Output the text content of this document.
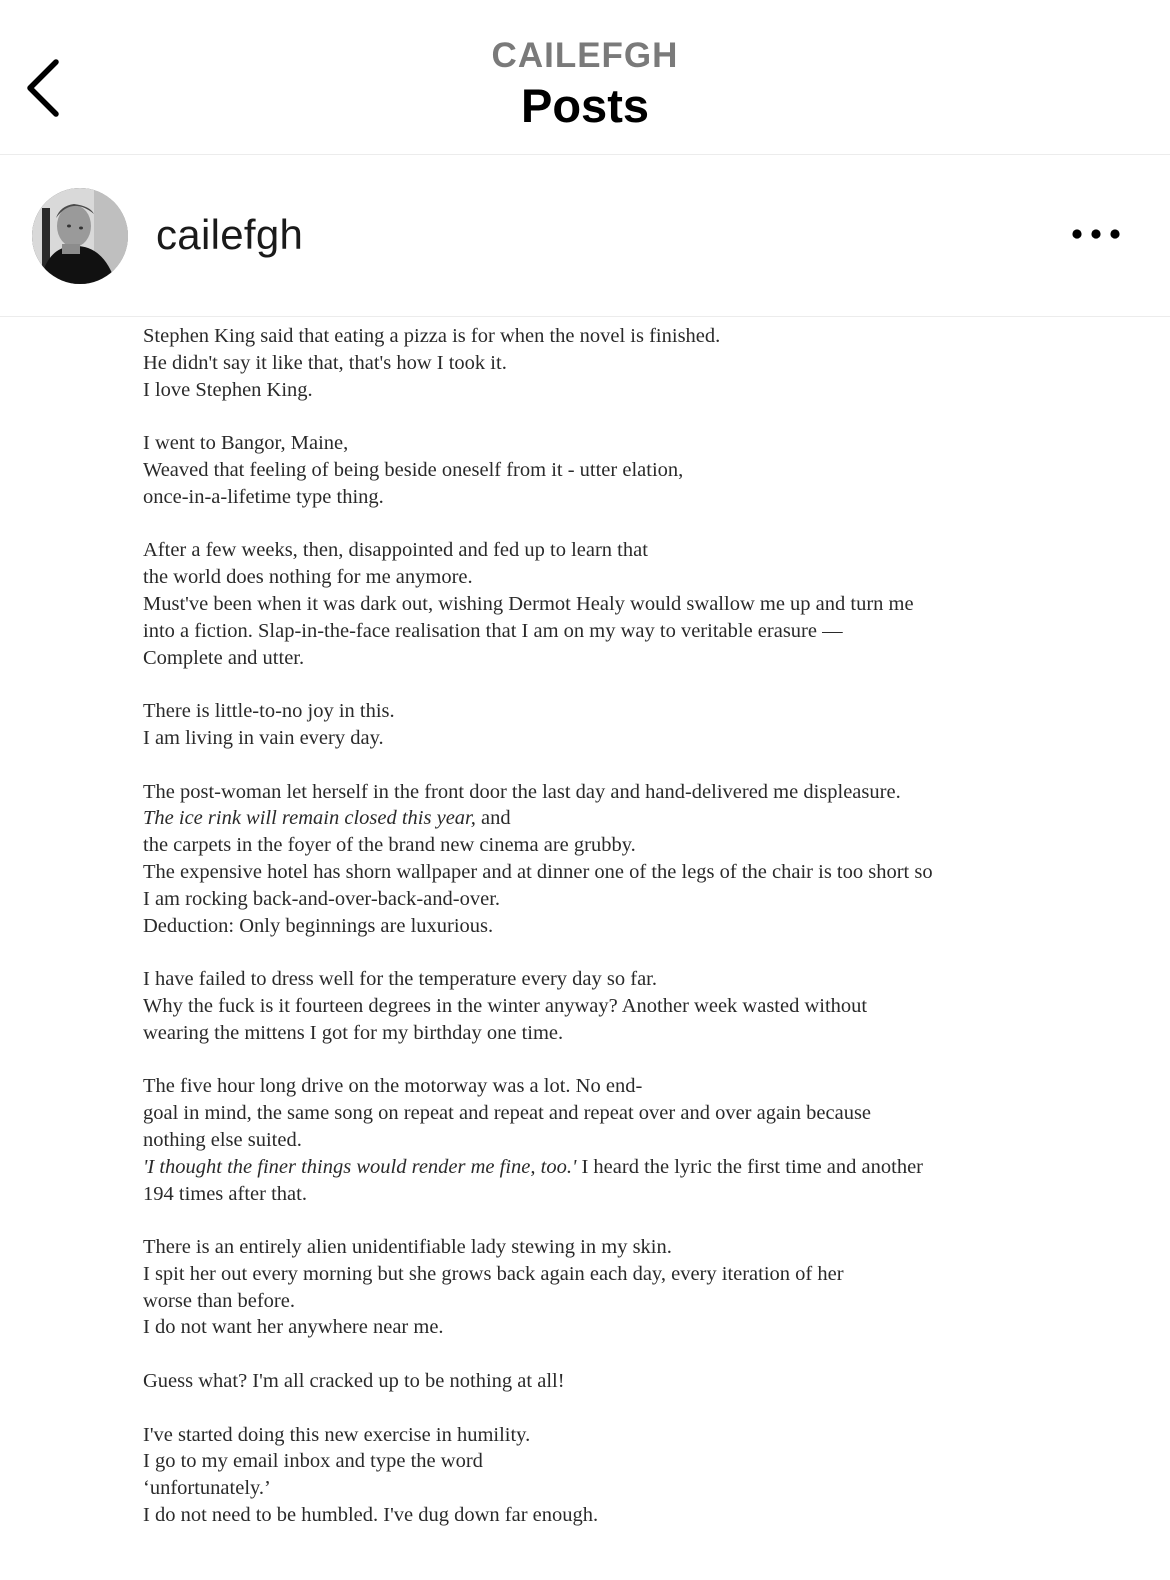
CAILEFGH
Posts
cailefgh
Stephen King said that eating a pizza is for when the novel is finished.
He didn't say it like that, that's how I took it.
I love Stephen King.
I went to Bangor, Maine,
Weaved that feeling of being beside oneself from it - utter elation,
once-in-a-lifetime type thing.
After a few weeks, then, disappointed and fed up to learn that
the world does nothing for me anymore.
Must've been when it was dark out, wishing Dermot Healy would swallow me up and turn me
into a fiction. Slap-in-the-face realisation that I am on my way to veritable erasure —
Complete and utter.
There is little-to-no joy in this.
I am living in vain every day.
The post-woman let herself in the front door the last day and hand-delivered me displeasure.
The ice rink will remain closed this year, and
the carpets in the foyer of the brand new cinema are grubby.
The expensive hotel has shorn wallpaper and at dinner one of the legs of the chair is too short so
I am rocking back-and-over-back-and-over.
Deduction: Only beginnings are luxurious.
I have failed to dress well for the temperature every day so far.
Why the fuck is it fourteen degrees in the winter anyway? Another week wasted without
wearing the mittens I got for my birthday one time.
The five hour long drive on the motorway was a lot. No end-
goal in mind, the same song on repeat and repeat and repeat over and over again because
nothing else suited.
'I thought the finer things would render me fine, too.' I heard the lyric the first time and another
194 times after that.
There is an entirely alien unidentifiable lady stewing in my skin.
I spit her out every morning but she grows back again each day, every iteration of her
worse than before.
I do not want her anywhere near me.
Guess what? I'm all cracked up to be nothing at all!
I've started doing this new exercise in humility.
I go to my email inbox and type the word
‘unfortunately.’
I do not need to be humbled. I've dug down far enough.
